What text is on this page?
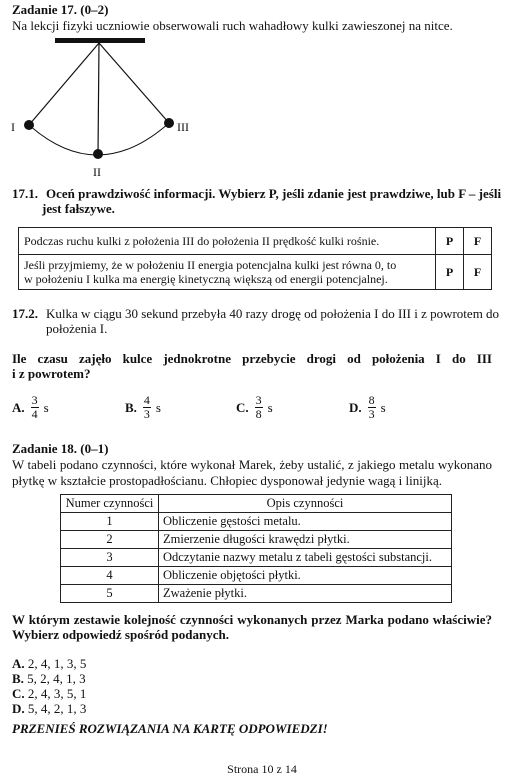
Zadanie 17. (0–2)
Na lekcji fizyki uczniowie obserwowali ruch wahadłowy kulki zawieszonej na nitce.
I
II
III
17.1. Oceń prawdziwość informacji. Wybierz P, jeśli zdanie jest prawdziwe, lub F – jeśli
jest fałszywe.
Podczas ruchu kulki z położenia III do położenia II prędkość kulki rośnie.	P	F

Jeśli przyjmiemy, że w położeniu II energia potencjalna kulki jest równa 0, to
w położeniu I kulka ma energię kinetyczną większą od energii potencjalnej.	P	F
17.2. Kulka w ciągu 30 sekund przebyła 40 razy drogę od położenia I do III i z powrotem do
położenia I.
Ile czasu zajęło kulce jednokrotne przebycie drogi od położenia I do III
i z powrotem?
A. $\frac{3}{4}$ s	B. $\frac{4}{3}$ s	C. $\frac{3}{8}$ s	D. $\frac{8}{3}$ s
Zadanie 18. (0–1)
W tabeli podano czynności, które wykonał Marek, żeby ustalić, z jakiego metalu wykonano
płytkę w kształcie prostopadłościanu. Chłopiec dysponował jedynie wagą i linijką.
Numer czynności	Opis czynności
1	Obliczenie gęstości metalu.
2	Zmierzenie długości krawędzi płytki.
3	Odczytanie nazwy metalu z tabeli gęstości substancji.
4	Obliczenie objętości płytki.
5	Zważenie płytki.
W którym zestawie kolejność czynności wykonanych przez Marka podano właściwie?
Wybierz odpowiedź spośród podanych.
A. 2, 4, 1, 3, 5
B. 5, 2, 4, 1, 3
C. 2, 4, 3, 5, 1
D. 5, 4, 2, 1, 3
PRZENIEŚ ROZWIĄZANIA NA KARTĘ ODPOWIEDZI!
Strona 10 z 14
